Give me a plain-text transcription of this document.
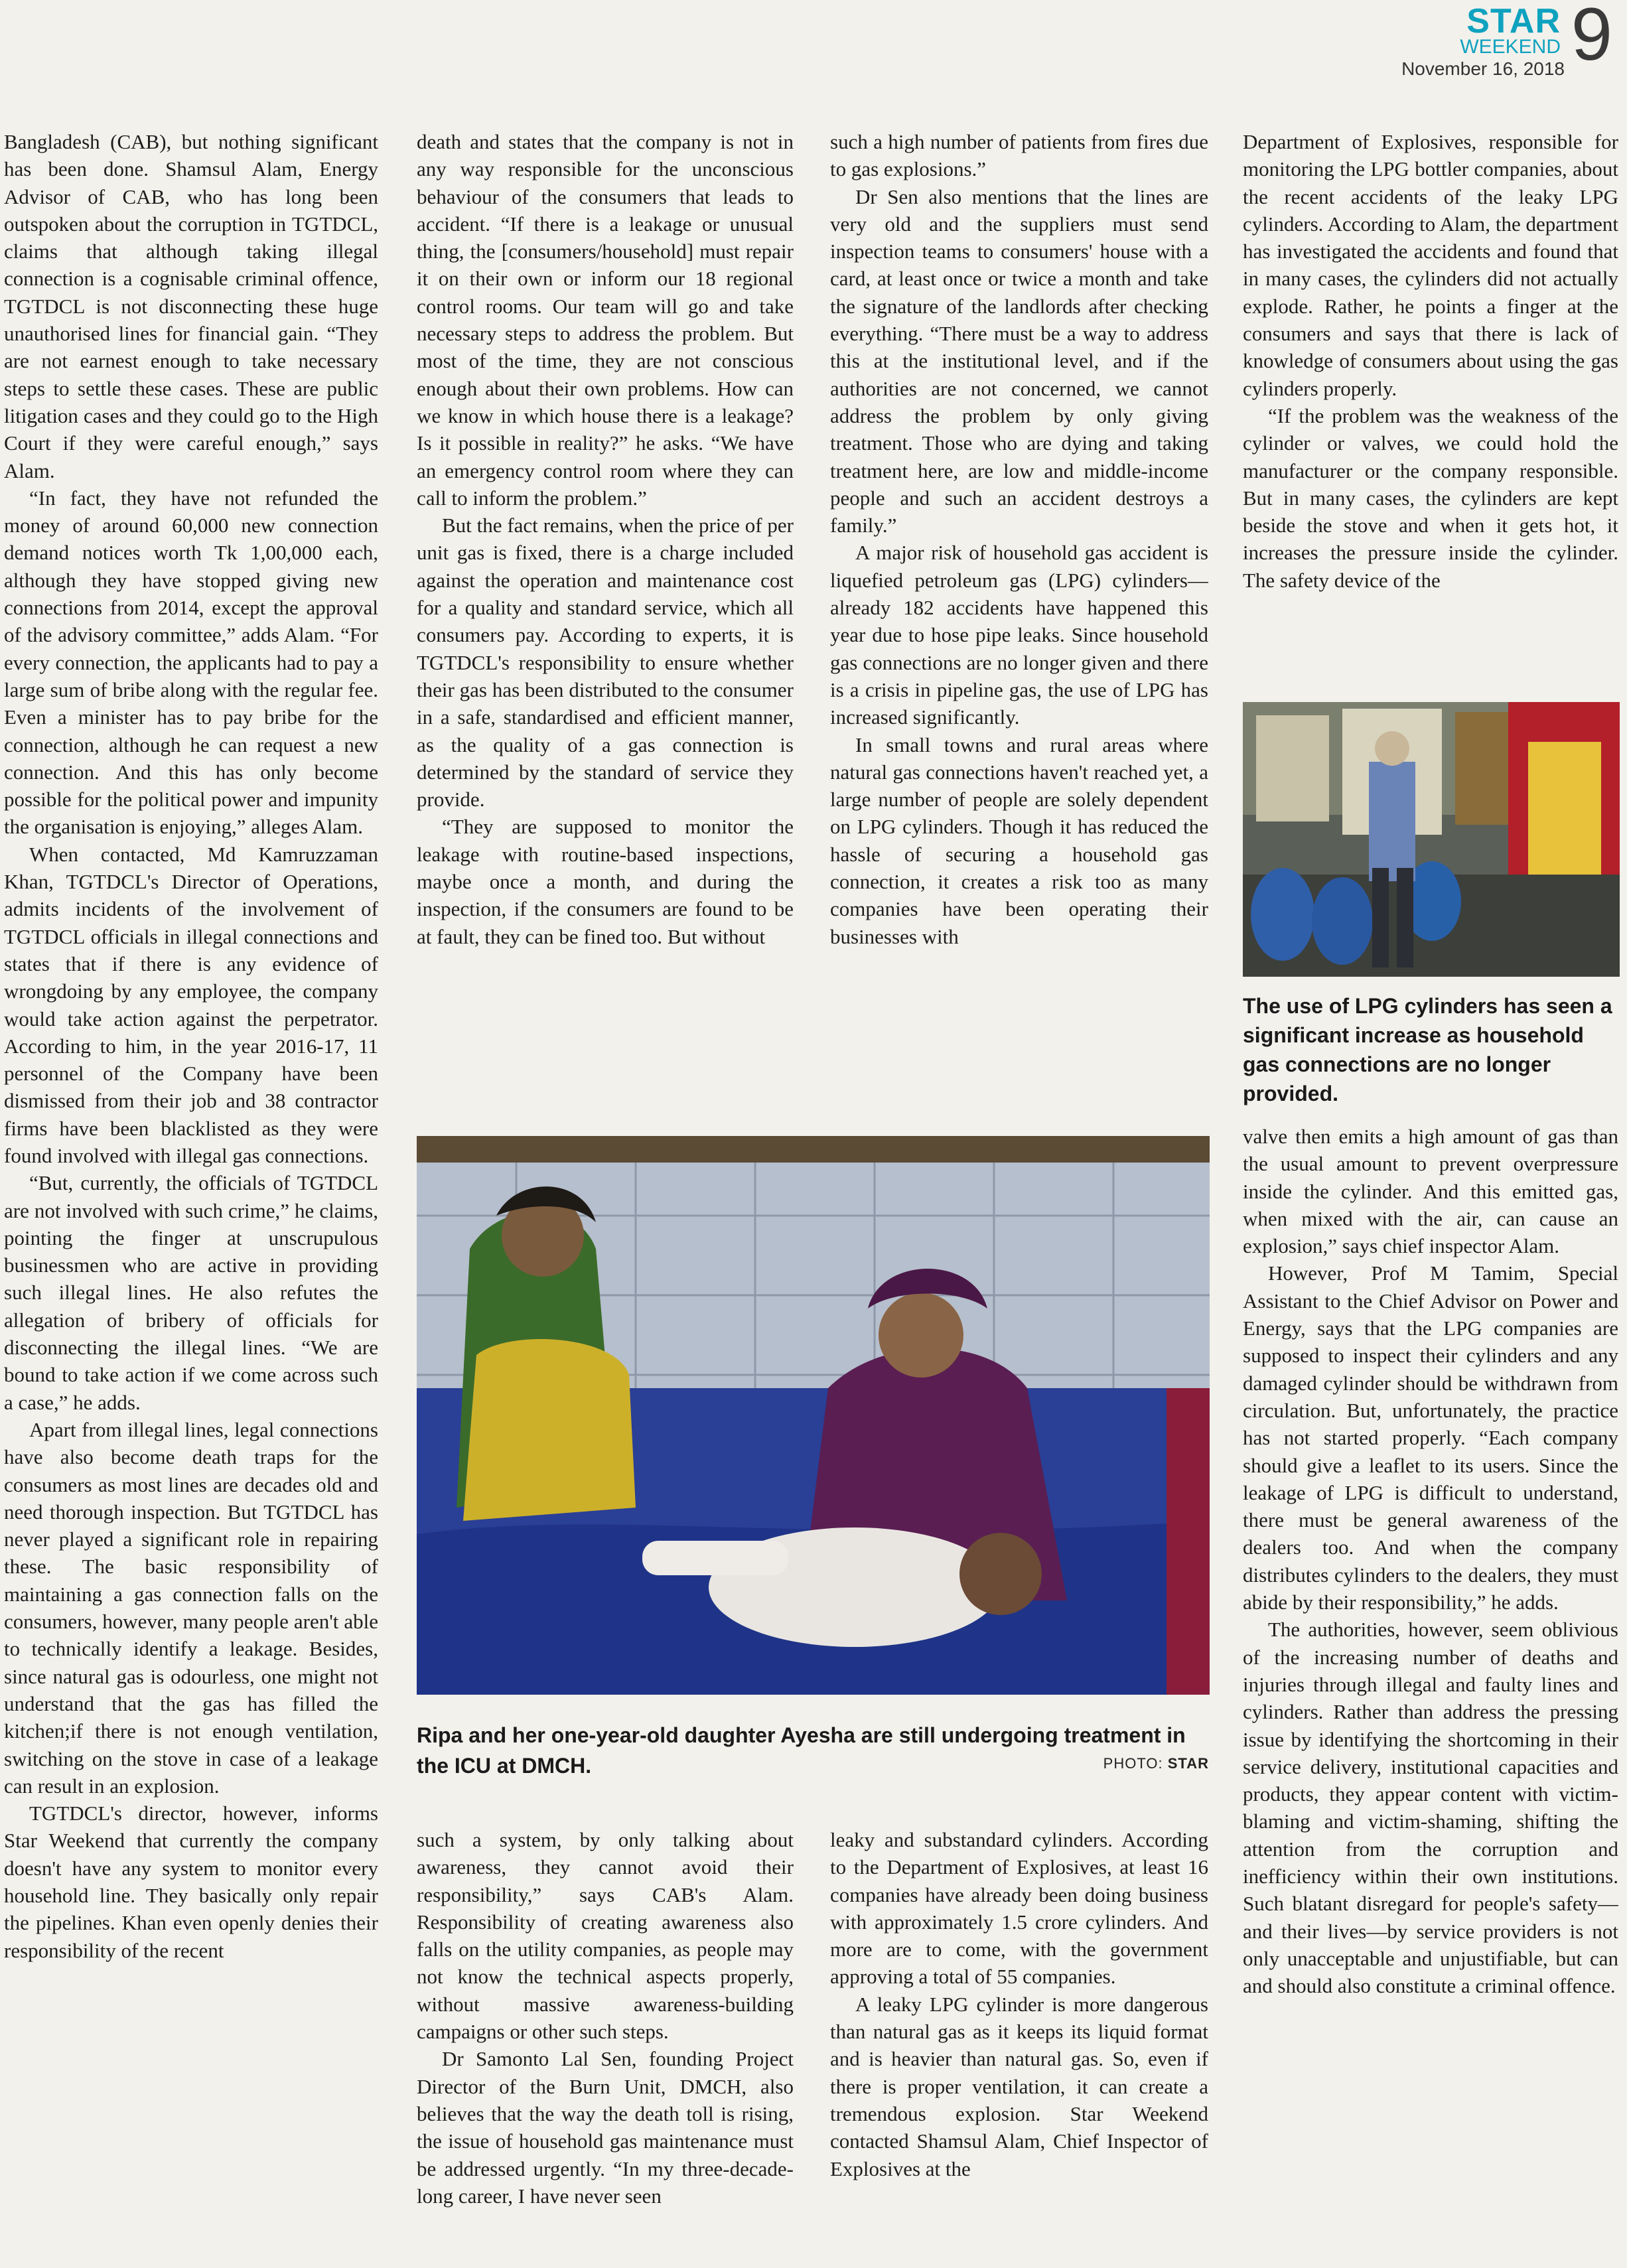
STAR
WEEKEND 9
November 16, 2018

Bangladesh (CAB), but nothing significant has been done. Shamsul Alam, Energy Advisor of CAB, who has long been outspoken about the corruption in TGTDCL, claims that although taking illegal connection is a cognisable criminal offence, TGTDCL is not disconnecting these huge unauthorised lines for financial gain. “They are not earnest enough to take necessary steps to settle these cases. These are public litigation cases and they could go to the High Court if they were careful enough,” says Alam.

“In fact, they have not refunded the money of around 60,000 new connection demand notices worth Tk 1,00,000 each, although they have stopped giving new connections from 2014, except the approval of the advisory committee,” adds Alam. “For every connection, the applicants had to pay a large sum of bribe along with the regular fee. Even a minister has to pay bribe for the connection, although he can request a new connection. And this has only become possible for the political power and impunity the organisation is enjoying,” alleges Alam.

When contacted, Md Kamruzzaman Khan, TGTDCL's Director of Operations, admits incidents of the involvement of TGTDCL officials in illegal connections and states that if there is any evidence of wrongdoing by any employee, the company would take action against the perpetrator. According to him, in the year 2016-17, 11 personnel of the Company have been dismissed from their job and 38 contractor firms have been blacklisted as they were found involved with illegal gas connections.

“But, currently, the officials of TGTDCL are not involved with such crime,” he claims, pointing the finger at unscrupulous businessmen who are active in providing such illegal lines. He also refutes the allegation of bribery of officials for disconnecting the illegal lines. “We are bound to take action if we come across such a case,” he adds.

Apart from illegal lines, legal connections have also become death traps for the consumers as most lines are decades old and need thorough inspection. But TGTDCL has never played a significant role in repairing these. The basic responsibility of maintaining a gas connection falls on the consumers, however, many people aren't able to technically identify a leakage. Besides, since natural gas is odourless, one might not understand that the gas has filled the kitchen;if there is not enough ventilation, switching on the stove in case of a leakage can result in an explosion.

TGTDCL's director, however, informs Star Weekend that currently the company doesn't have any system to monitor every household line. They basically only repair the pipelines. Khan even openly denies their responsibility of the recent

death and states that the company is not in any way responsible for the unconscious behaviour of the consumers that leads to accident. “If there is a leakage or unusual thing, the [consumers/household] must repair it on their own or inform our 18 regional control rooms. Our team will go and take necessary steps to address the problem. But most of the time, they are not conscious enough about their own problems. How can we know in which house there is a leakage? Is it possible in reality?” he asks. “We have an emergency control room where they can call to inform the problem.”

But the fact remains, when the price of per unit gas is fixed, there is a charge included against the operation and maintenance cost for a quality and standard service, which all consumers pay. According to experts, it is TGTDCL's responsibility to ensure whether their gas has been distributed to the consumer in a safe, standardised and efficient manner, as the quality of a gas connection is determined by the standard of service they provide.

“They are supposed to monitor the leakage with routine-based inspections, maybe once a month, and during the inspection, if the consumers are found to be at fault, they can be fined too. But without

such a high number of patients from fires due to gas explosions.”

Dr Sen also mentions that the lines are very old and the suppliers must send inspection teams to consumers' house with a card, at least once or twice a month and take the signature of the landlords after checking everything. “There must be a way to address this at the institutional level, and if the authorities are not concerned, we cannot address the problem by only giving treatment. Those who are dying and taking treatment here, are low and middle-income people and such an accident destroys a family.”

A major risk of household gas accident is liquefied petroleum gas (LPG) cylinders—already 182 accidents have happened this year due to hose pipe leaks. Since household gas connections are no longer given and there is a crisis in pipeline gas, the use of LPG has increased significantly.

In small towns and rural areas where natural gas connections haven't reached yet, a large number of people are solely dependent on LPG cylinders. Though it has reduced the hassle of securing a household gas connection, it creates a risk too as many companies have been operating their businesses with

Department of Explosives, responsible for monitoring the LPG bottler companies, about the recent accidents of the leaky LPG cylinders. According to Alam, the department has investigated the accidents and found that in many cases, the cylinders did not actually explode. Rather, he points a finger at the consumers and says that there is lack of knowledge of consumers about using the gas cylinders properly.

“If the problem was the weakness of the cylinder or valves, we could hold the manufacturer or the company responsible. But in many cases, the cylinders are kept beside the stove and when it gets hot, it increases the pressure inside the cylinder. The safety device of the

The use of LPG cylinders has seen a significant increase as household gas connections are no longer provided.

Ripa and her one-year-old daughter Ayesha are still undergoing treatment in the ICU at DMCH.	PHOTO: STAR

valve then emits a high amount of gas than the usual amount to prevent overpressure inside the cylinder. And this emitted gas, when mixed with the air, can cause an explosion,” says chief inspector Alam.

However, Prof M Tamim, Special Assistant to the Chief Advisor on Power and Energy, says that the LPG companies are supposed to inspect their cylinders and any damaged cylinder should be withdrawn from circulation. But, unfortunately, the practice has not started properly. “Each company should give a leaflet to its users. Since the leakage of LPG is difficult to understand, there must be general awareness of the dealers too. And when the company distributes cylinders to the dealers, they must abide by their responsibility,” he adds.

The authorities, however, seem oblivious of the increasing number of deaths and injuries through illegal and faulty lines and cylinders. Rather than address the pressing issue by identifying the shortcoming in their service delivery, institutional capacities and products, they appear content with victim-blaming and victim-shaming, shifting the attention from the corruption and inefficiency within their own institutions. Such blatant disregard for people's safety—and their lives—by service providers is not only unacceptable and unjustifiable, but can and should also constitute a criminal offence.

such a system, by only talking about awareness, they cannot avoid their responsibility,” says CAB's Alam. Responsibility of creating awareness also falls on the utility companies, as people may not know the technical aspects properly, without massive awareness-building campaigns or other such steps.

Dr Samonto Lal Sen, founding Project Director of the Burn Unit, DMCH, also believes that the way the death toll is rising, the issue of household gas maintenance must be addressed urgently. “In my three-decade-long career, I have never seen

leaky and substandard cylinders. According to the Department of Explosives, at least 16 companies have already been doing business with approximately 1.5 crore cylinders. And more are to come, with the government approving a total of 55 companies.

A leaky LPG cylinder is more dangerous than natural gas as it keeps its liquid format and is heavier than natural gas. So, even if there is proper ventilation, it can create a tremendous explosion. Star Weekend contacted Shamsul Alam, Chief Inspector of Explosives at the
